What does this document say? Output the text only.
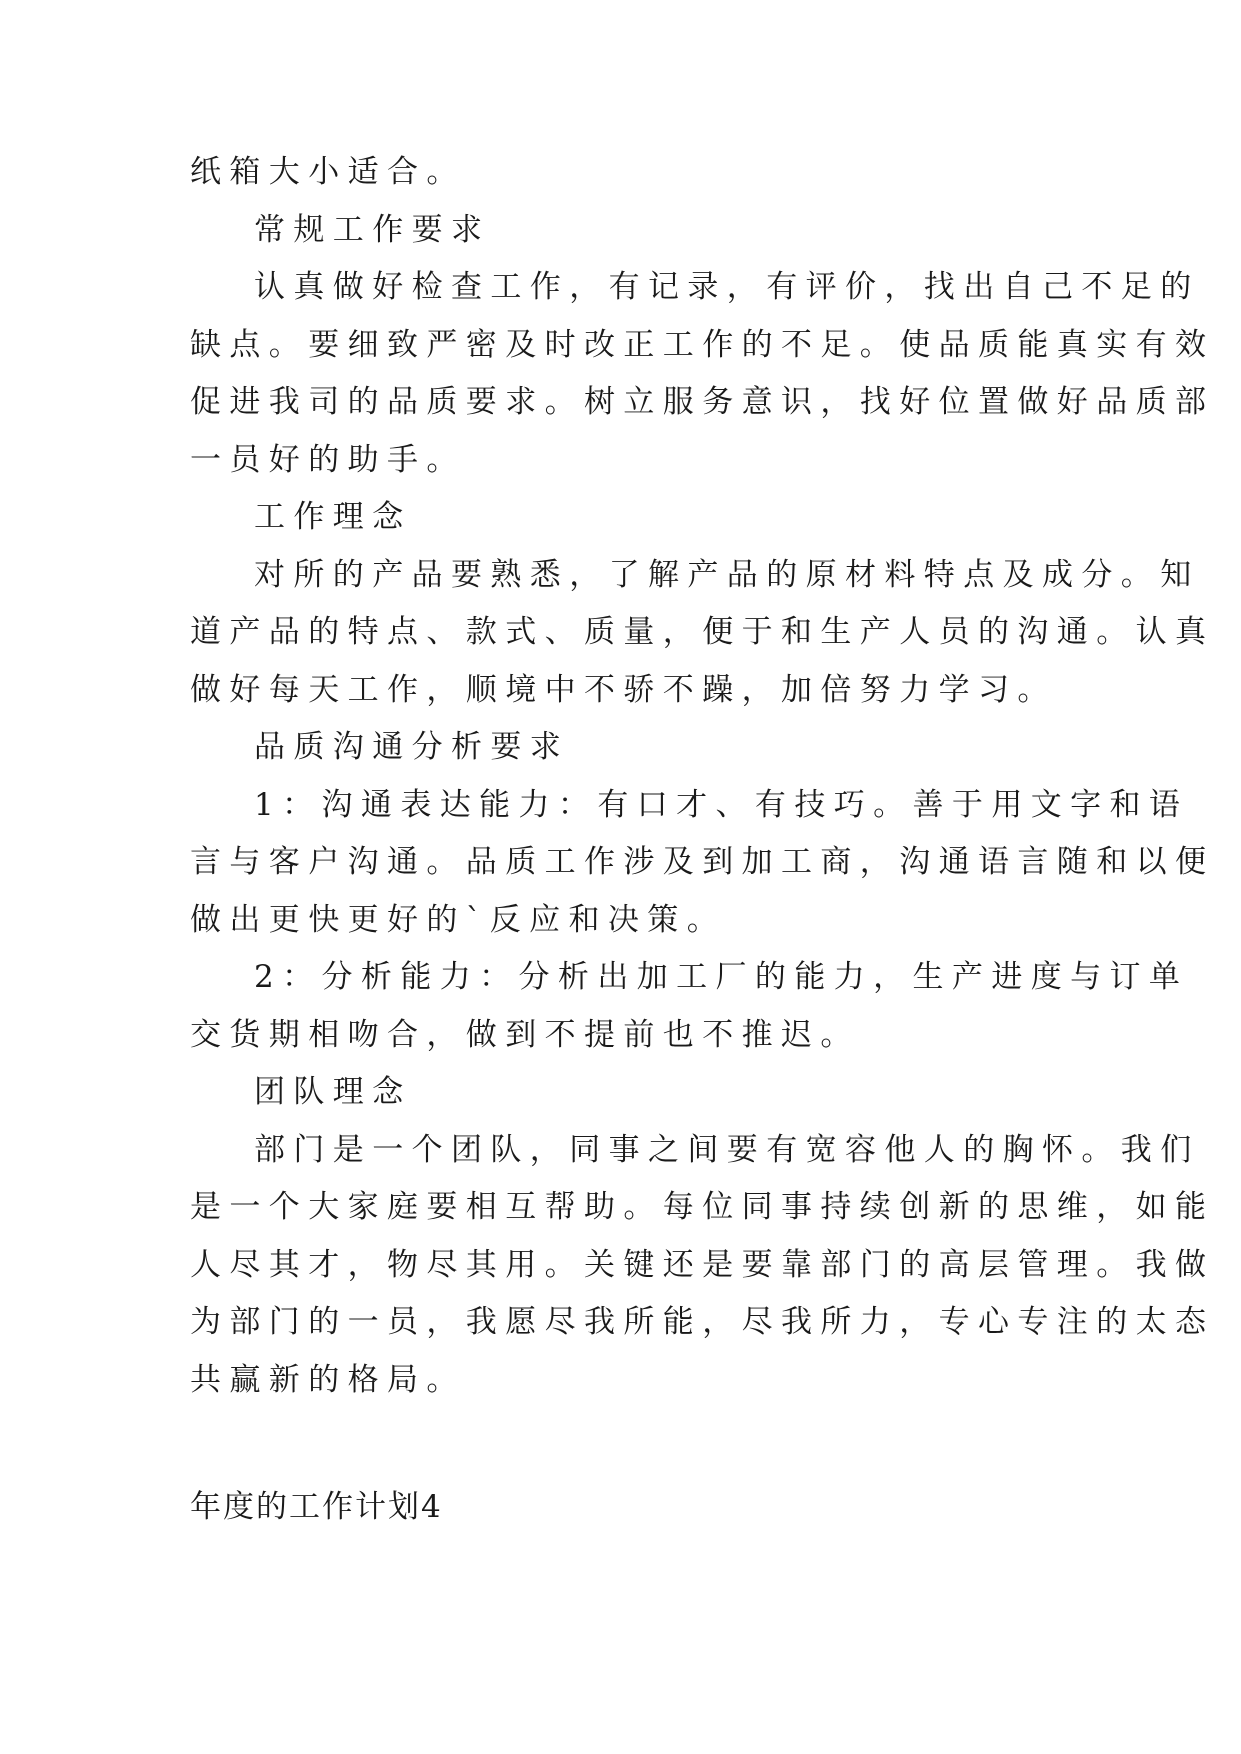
纸箱大小适合。
常规工作要求
认真做好检查工作，有记录，有评价，找出自己不足的
缺点。要细致严密及时改正工作的不足。使品质能真实有效
促进我司的品质要求。树立服务意识，找好位置做好品质部
一员好的助手。
工作理念
对所的产品要熟悉，了解产品的原材料特点及成分。知
道产品的特点、款式、质量，便于和生产人员的沟通。认真
做好每天工作，顺境中不骄不躁，加倍努力学习。
品质沟通分析要求
1：沟通表达能力：有口才、有技巧。善于用文字和语
言与客户沟通。品质工作涉及到加工商，沟通语言随和以便
做出更快更好的`反应和决策。
2：分析能力：分析出加工厂的能力，生产进度与订单
交货期相吻合，做到不提前也不推迟。
团队理念
部门是一个团队，同事之间要有宽容他人的胸怀。我们
是一个大家庭要相互帮助。每位同事持续创新的思维，如能
人尽其才，物尽其用。关键还是要靠部门的高层管理。我做
为部门的一员，我愿尽我所能，尽我所力，专心专注的太态
共赢新的格局。
年度的工作计划4
